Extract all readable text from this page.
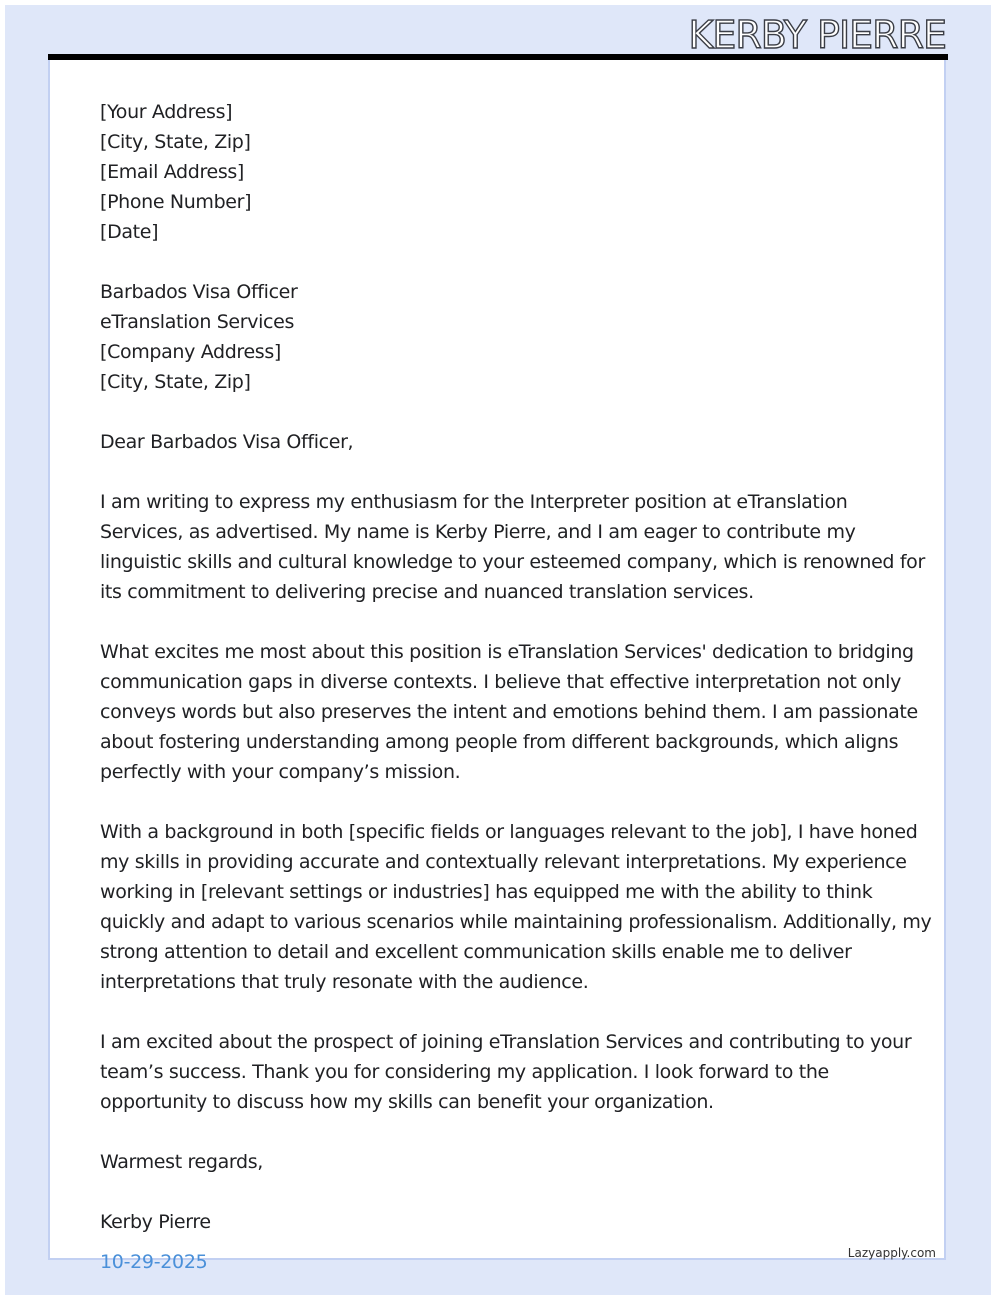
KERBY PIERRE
[Your Address]
[City, State, Zip]
[Email Address]
[Phone Number]
[Date]
Barbados Visa Officer
eTranslation Services
[Company Address]
[City, State, Zip]
Dear Barbados Visa Officer,
I am writing to express my enthusiasm for the Interpreter position at eTranslation
Services, as advertised. My name is Kerby Pierre, and I am eager to contribute my
linguistic skills and cultural knowledge to your esteemed company, which is renowned for
its commitment to delivering precise and nuanced translation services.
What excites me most about this position is eTranslation Services' dedication to bridging
communication gaps in diverse contexts. I believe that effective interpretation not only
conveys words but also preserves the intent and emotions behind them. I am passionate
about fostering understanding among people from different backgrounds, which aligns
perfectly with your company’s mission.
With a background in both [specific fields or languages relevant to the job], I have honed
my skills in providing accurate and contextually relevant interpretations. My experience
working in [relevant settings or industries] has equipped me with the ability to think
quickly and adapt to various scenarios while maintaining professionalism. Additionally, my
strong attention to detail and excellent communication skills enable me to deliver
interpretations that truly resonate with the audience.
I am excited about the prospect of joining eTranslation Services and contributing to your
team’s success. Thank you for considering my application. I look forward to the
opportunity to discuss how my skills can benefit your organization.
Warmest regards,
Kerby Pierre
10-29-2025	Lazyapply.com
